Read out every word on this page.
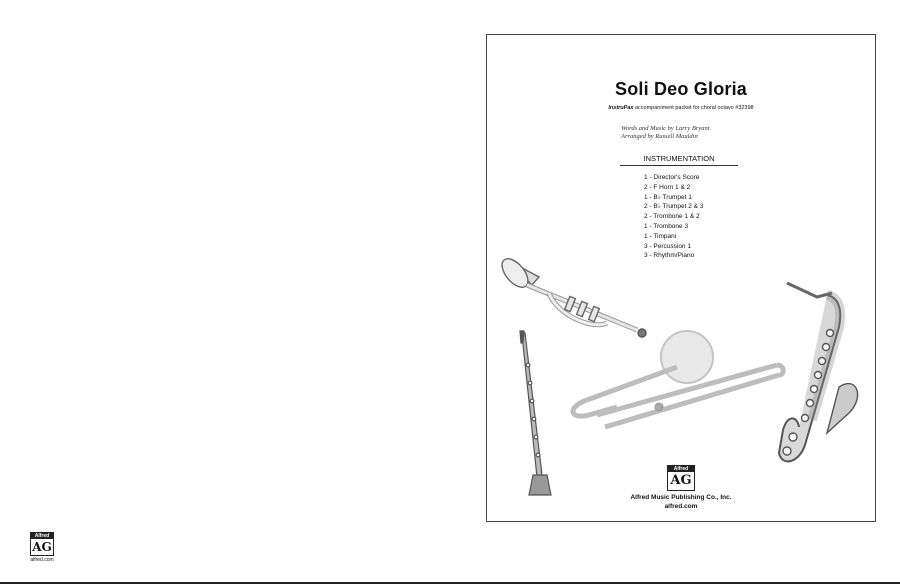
Alfred
AG
alfred.com
Soli Deo Gloria
InstruPax accompaniment packet for choral octavo #32398
Words and Music by Larry Bryant
Arranged by Russell Mauldin
INSTRUMENTATION
1 - Director's Score
2 - F Horn 1 & 2
1 - B♭ Trumpet 1
2 - B♭ Trumpet 2 & 3
2 - Trombone 1 & 2
1 - Trombone 3
1 - Timpani
3 - Percussion 1
3 - Rhythm/Piano
Alfred
AG
Alfred Music Publishing Co., Inc.
alfred.com
